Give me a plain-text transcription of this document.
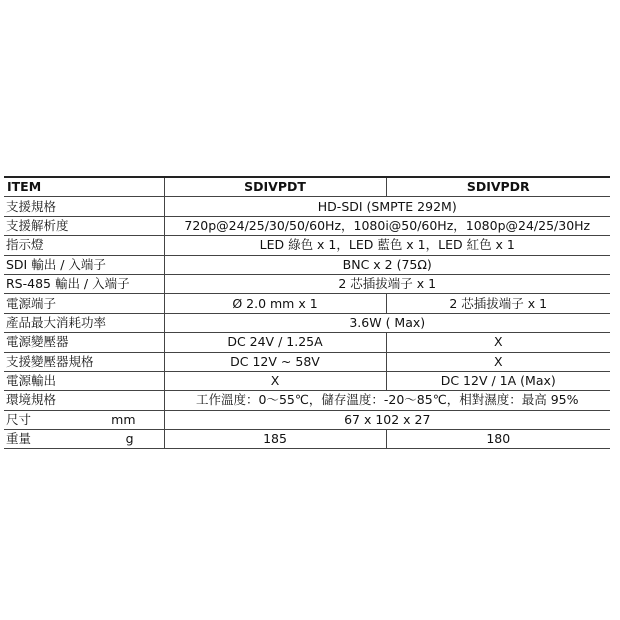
ITEM	SDIVPDT	SDIVPDR
支援規格	HD-SDI (SMPTE 292M)	
支援解析度	720p@24/25/30/50/60Hz，1080i@50/60Hz，1080p@24/25/30Hz	
指示燈	LED 綠色 x 1，LED 藍色 x 1，LED 紅色 x 1	
SDI 輸出 / 入端子	BNC x 2 (75Ω)	
RS-485 輸出 / 入端子	2 芯插拔端子 x 1	
電源端子	Ø 2.0 mm x 1	2 芯插拔端子 x 1
產品最大消耗功率	3.6W ( Max)	
電源變壓器	DC 24V / 1.25A	X
支援變壓器規格	DC 12V ~ 58V	X
電源輸出	X	DC 12V / 1A (Max)
環境規格	工作溫度：0～55℃，儲存溫度：-20～85℃，相對濕度：最高 95%	

尺寸 mm	67 x 102 x 27	

重量 g	185	180
